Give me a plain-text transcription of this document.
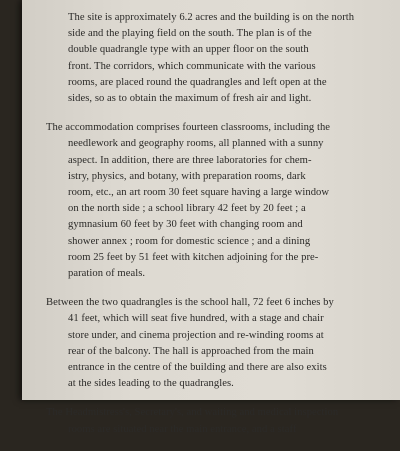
The site is approximately 6.2 acres and the building is on the north
side and the playing field on the south. The plan is of the
double quadrangle type with an upper floor on the south
front. The corridors, which communicate with the various
rooms, are placed round the quadrangles and left open at the
sides, so as to obtain the maximum of fresh air and light.

The accommodation comprises fourteen classrooms, including the
needlework and geography rooms, all planned with a sunny
aspect. In addition, there are three laboratories for chem-
istry, physics, and botany, with preparation rooms, dark
room, etc., an art room 30 feet square having a large window
on the north side ; a school library 42 feet by 20 feet ; a
gymnasium 60 feet by 30 feet with changing room and
shower annex ; room for domestic science ; and a dining
room 25 feet by 51 feet with kitchen adjoining for the pre-
paration of meals.

Between the two quadrangles is the school hall, 72 feet 6 inches by
41 feet, which will seat five hundred, with a stage and chair
store under, and cinema projection and re-winding rooms at
rear of the balcony. The hall is approached from the main
entrance in the centre of the building and there are also exits
at the sides leading to the quadrangles.

The Headmistress's, Secretary's, and waiting and medical inspection
rooms are situated near the main entrance, and a staff
